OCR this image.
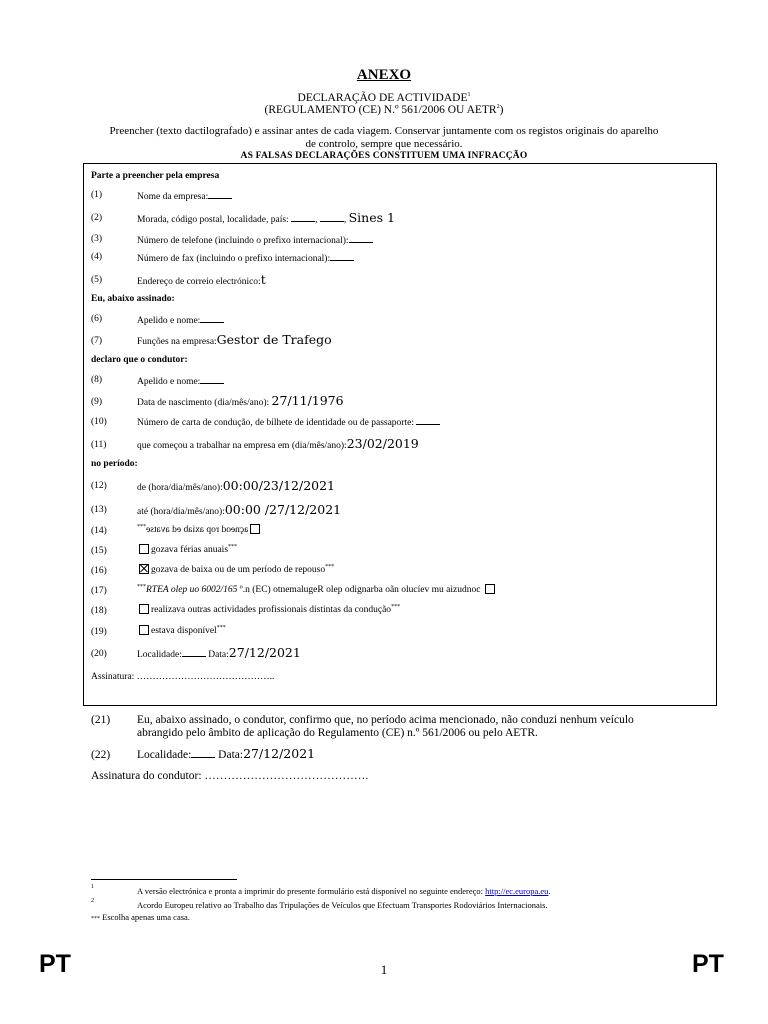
ANEXO
DECLARAÇÃO DE ACTIVIDADE$^1$
(REGULAMENTO (CE) N.º 561/2006 OU AETR$^2$)
Preencher (texto dactilografado) e assinar antes de cada viagem. Conservar juntamente com os registos originais do aparelho
de controlo, sempre que necessário.
AS FALSAS DECLARAÇÕES CONSTITUEM UMA INFRACÇÃO
Parte a preencher pela empresa
(1)	Nome da empresa:
(2)	Morada, código postal, localidade, país:	,	, Sines 1
(3)	Número de telefone (incluindo o prefixo internacional):
(4)	Número de fax (incluindo o prefixo internacional):
(5)	Endereço de correio electrónico:t
Eu, abaixo assinado:
(6)	Apelido e nome:
(7)	Funções na empresa:Gestor de Trafego
declaro que o condutor:
(8)	Apelido e nome:
(9)	Data de nascimento (dia/mês/ano): 27/11/1976
(10)	Número de carta de condução, de bilhete de identidade ou de passaporte:
(11)	que começou a trabalhar na empresa em (dia/mês/ano):23/02/2019
no período:
(12)	de (hora/dia/mês/ano):00:00/23/12/2021
(13)	até (hora/dia/mês/ano):00:00 /27/12/2021
(14)	***açneod rop axiab ed avatse
(15)	gozava férias anuais***
(16)	gozava de baixa ou de um período de repouso***
(17)	***RTEA olep uo 6002/165 º.n (EC) otnemalugeR olep odignarba oãn olucíev mu aizudnoc
(18)	realizava outras actividades profissionais distintas da condução***
(19)	estava disponível***
(20)	Localidade:	Data:27/12/2021
Assinatura: ……………………………………..
(21) Eu, abaixo assinado, o condutor, confirmo que, no período acima mencionado, não conduzi nenhum veículo
abrangido pelo âmbito de aplicação do Regulamento (CE) n.º 561/2006 ou pelo AETR.
(22) Localidade: Data:27/12/2021
Assinatura do condutor: …………………………………….
1	A versão electrónica e pronta a imprimir do presente formulário está disponível no seguinte endereço: http://ec.europa.eu.
2	Acordo Europeu relativo ao Trabalho das Tripulações de Veículos que Efectuam Transportes Rodoviários Internacionais.
*** Escolha apenas uma casa.
PT	1	PT
